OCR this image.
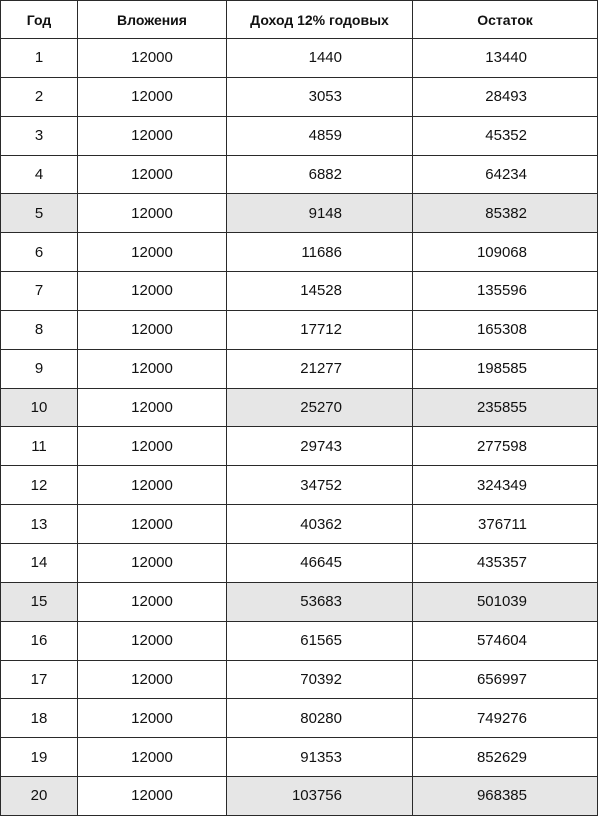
Год	Вложения	Доход 12% годовых	Остаток
1	12000	1440	13440
2	12000	3053	28493
3	12000	4859	45352
4	12000	6882	64234
5	12000	9148	85382
6	12000	11686	109068
7	12000	14528	135596
8	12000	17712	165308
9	12000	21277	198585
10	12000	25270	235855
11	12000	29743	277598
12	12000	34752	324349
13	12000	40362	376711
14	12000	46645	435357
15	12000	53683	501039
16	12000	61565	574604
17	12000	70392	656997
18	12000	80280	749276
19	12000	91353	852629
20	12000	103756	968385
